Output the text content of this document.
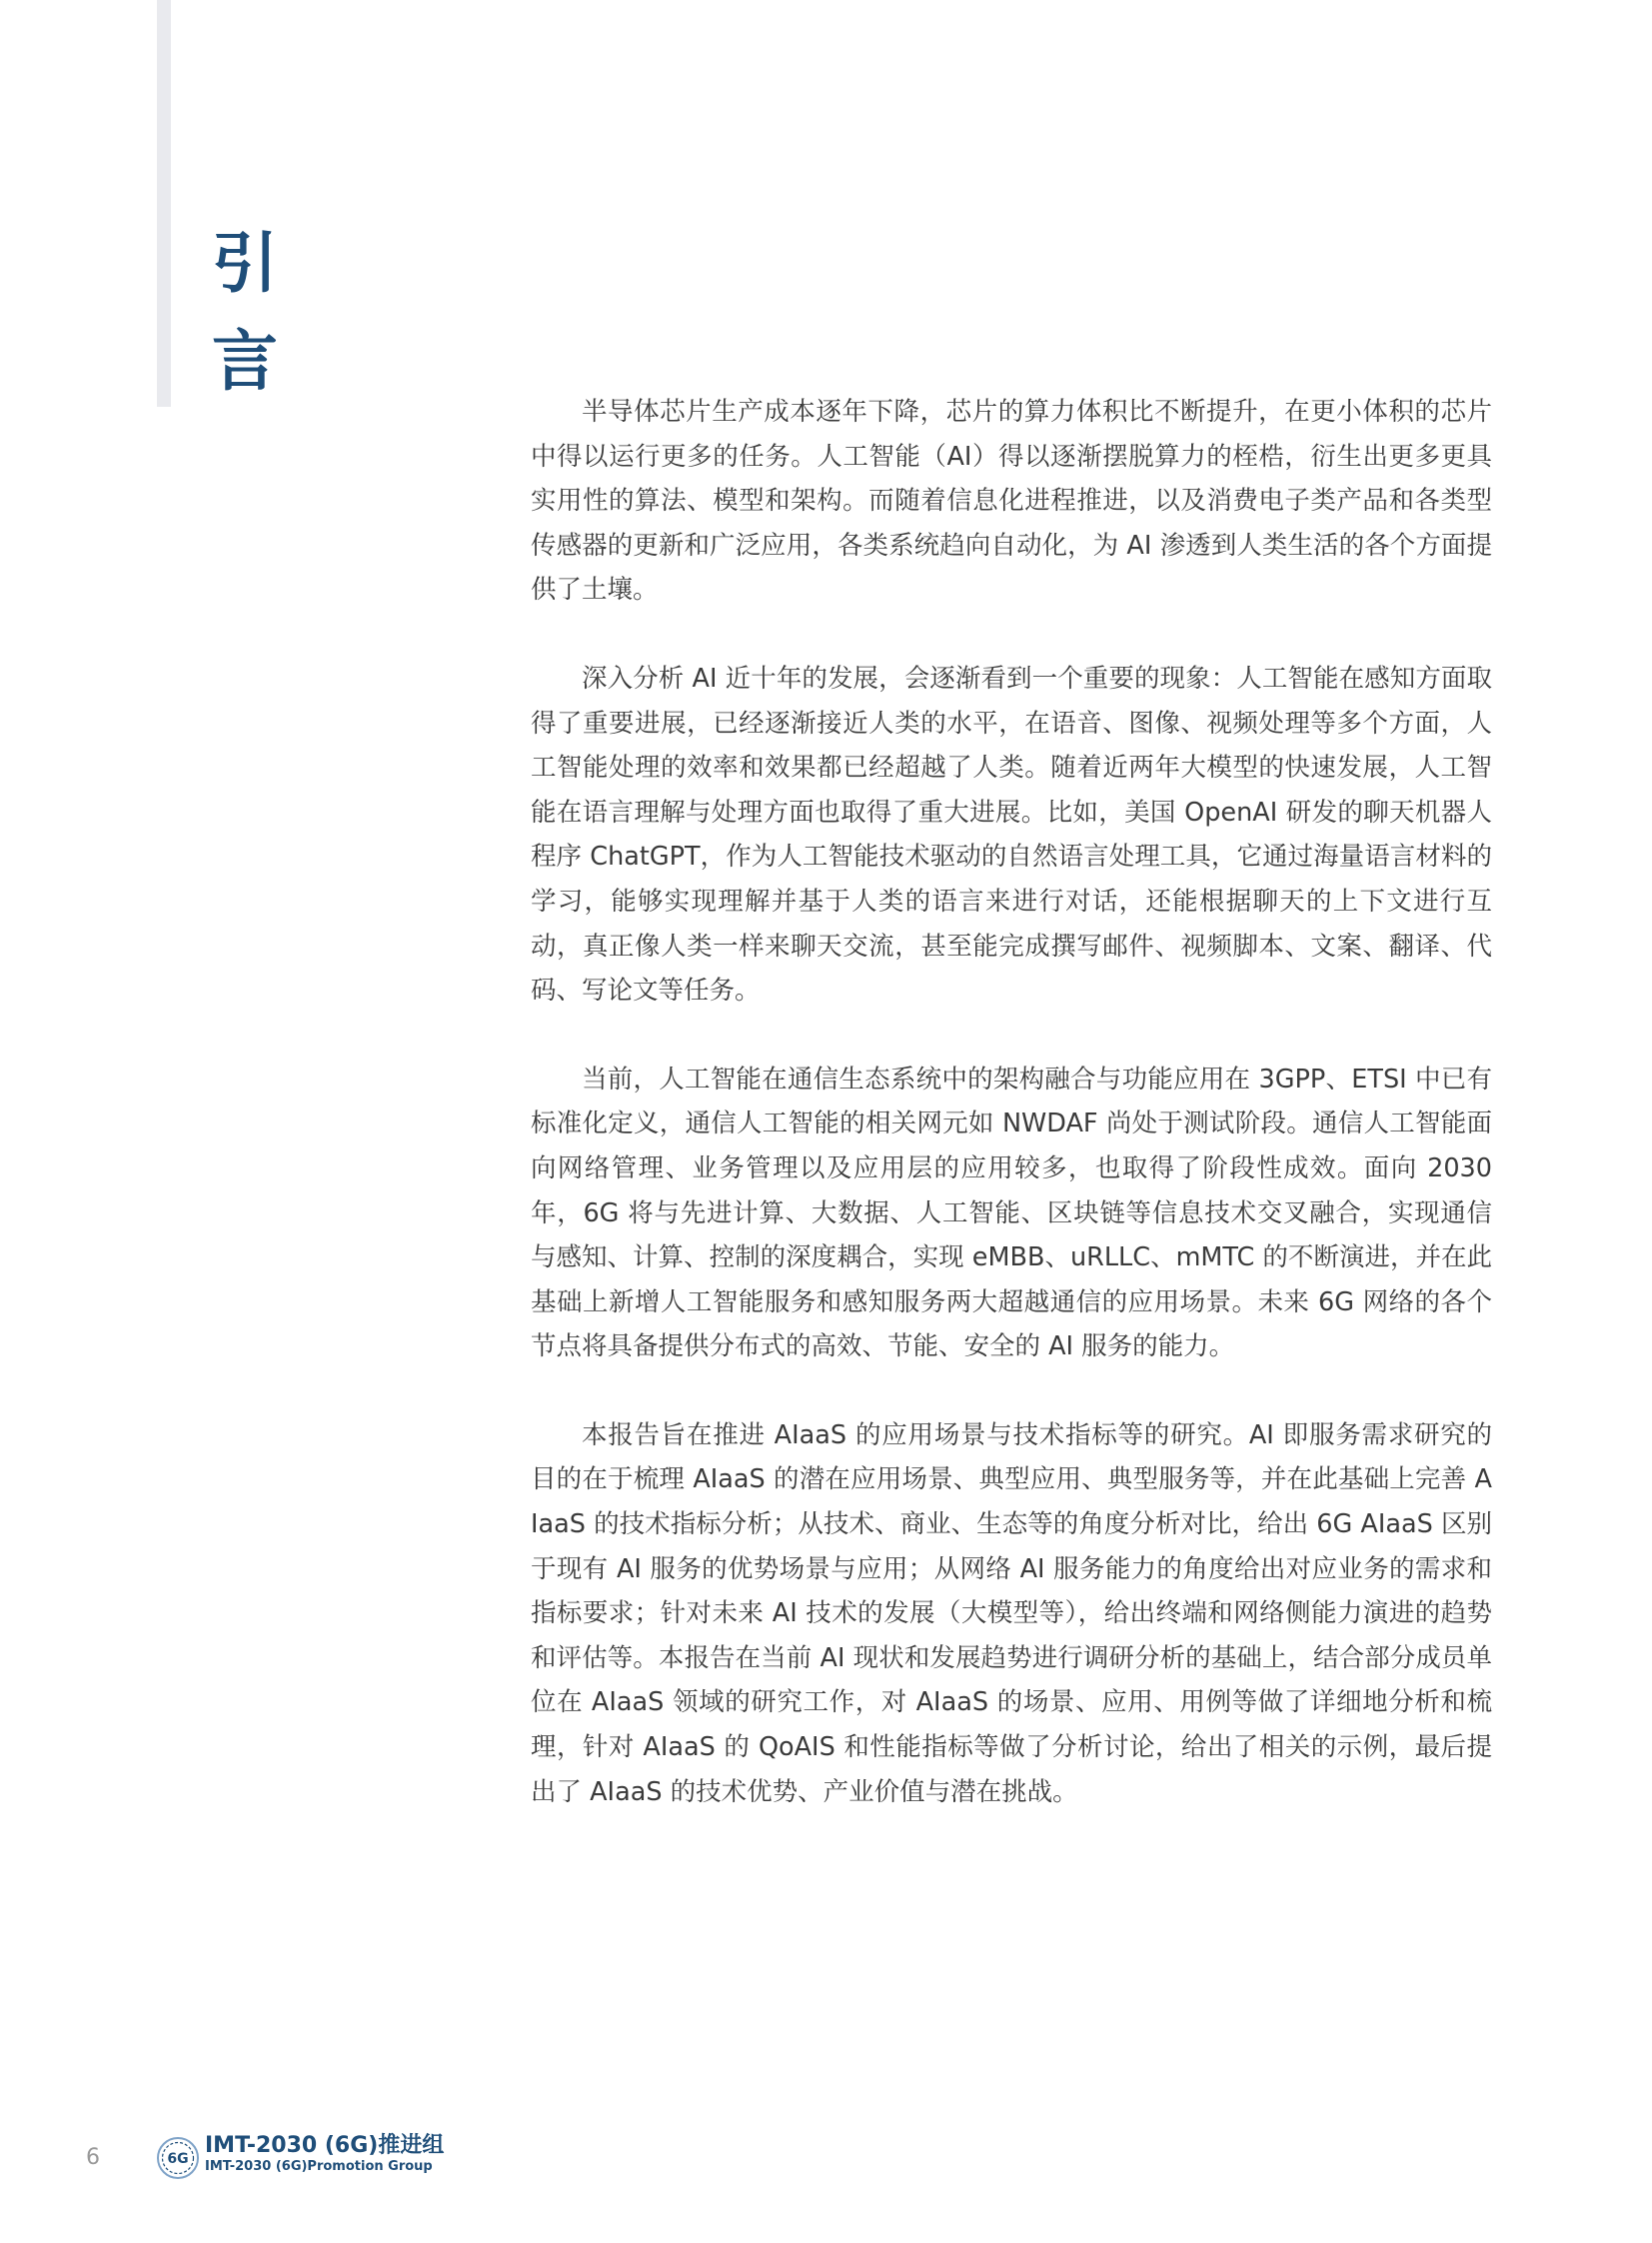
引
言

半导体芯片生产成本逐年下降，芯片的算力体积比不断提升，在更小体积的芯片中得以运行更多的任务。人工智能（AI）得以逐渐摆脱算力的桎梏，衍生出更多更具实用性的算法、模型和架构。而随着信息化进程推进，以及消费电子类产品和各类型传感器的更新和广泛应用，各类系统趋向自动化，为 AI 渗透到人类生活的各个方面提供了土壤。

深入分析 AI 近十年的发展，会逐渐看到一个重要的现象：人工智能在感知方面取得了重要进展，已经逐渐接近人类的水平，在语音、图像、视频处理等多个方面，人工智能处理的效率和效果都已经超越了人类。随着近两年大模型的快速发展，人工智能在语言理解与处理方面也取得了重大进展。比如，美国 OpenAI 研发的聊天机器人程序 ChatGPT，作为人工智能技术驱动的自然语言处理工具，它通过海量语言材料的学习，能够实现理解并基于人类的语言来进行对话，还能根据聊天的上下文进行互动，真正像人类一样来聊天交流，甚至能完成撰写邮件、视频脚本、文案、翻译、代码、写论文等任务。

当前，人工智能在通信生态系统中的架构融合与功能应用在 3GPP、ETSI 中已有标准化定义，通信人工智能的相关网元如 NWDAF 尚处于测试阶段。通信人工智能面向网络管理、业务管理以及应用层的应用较多，也取得了阶段性成效。面向 2030 年，6G 将与先进计算、大数据、人工智能、区块链等信息技术交叉融合，实现通信与感知、计算、控制的深度耦合，实现 eMBB、uRLLC、mMTC 的不断演进，并在此基础上新增人工智能服务和感知服务两大超越通信的应用场景。未来 6G 网络的各个节点将具备提供分布式的高效、节能、安全的 AI 服务的能力。

本报告旨在推进 AIaaS 的应用场景与技术指标等的研究。AI 即服务需求研究的目的在于梳理 AIaaS 的潜在应用场景、典型应用、典型服务等，并在此基础上完善 AIaaS 的技术指标分析；从技术、商业、生态等的角度分析对比，给出 6G AIaaS 区别于现有 AI 服务的优势场景与应用；从网络 AI 服务能力的角度给出对应业务的需求和指标要求；针对未来 AI 技术的发展（大模型等），给出终端和网络侧能力演进的趋势和评估等。本报告在当前 AI 现状和发展趋势进行调研分析的基础上，结合部分成员单位在 AIaaS 领域的研究工作，对 AIaaS 的场景、应用、用例等做了详细地分析和梳理，针对 AIaaS 的 QoAIS 和性能指标等做了分析讨论，给出了相关的示例，最后提出了 AIaaS 的技术优势、产业价值与潜在挑战。

6	6G
IMT-2030 (6G)推进组
IMT-2030 (6G)Promotion Group
